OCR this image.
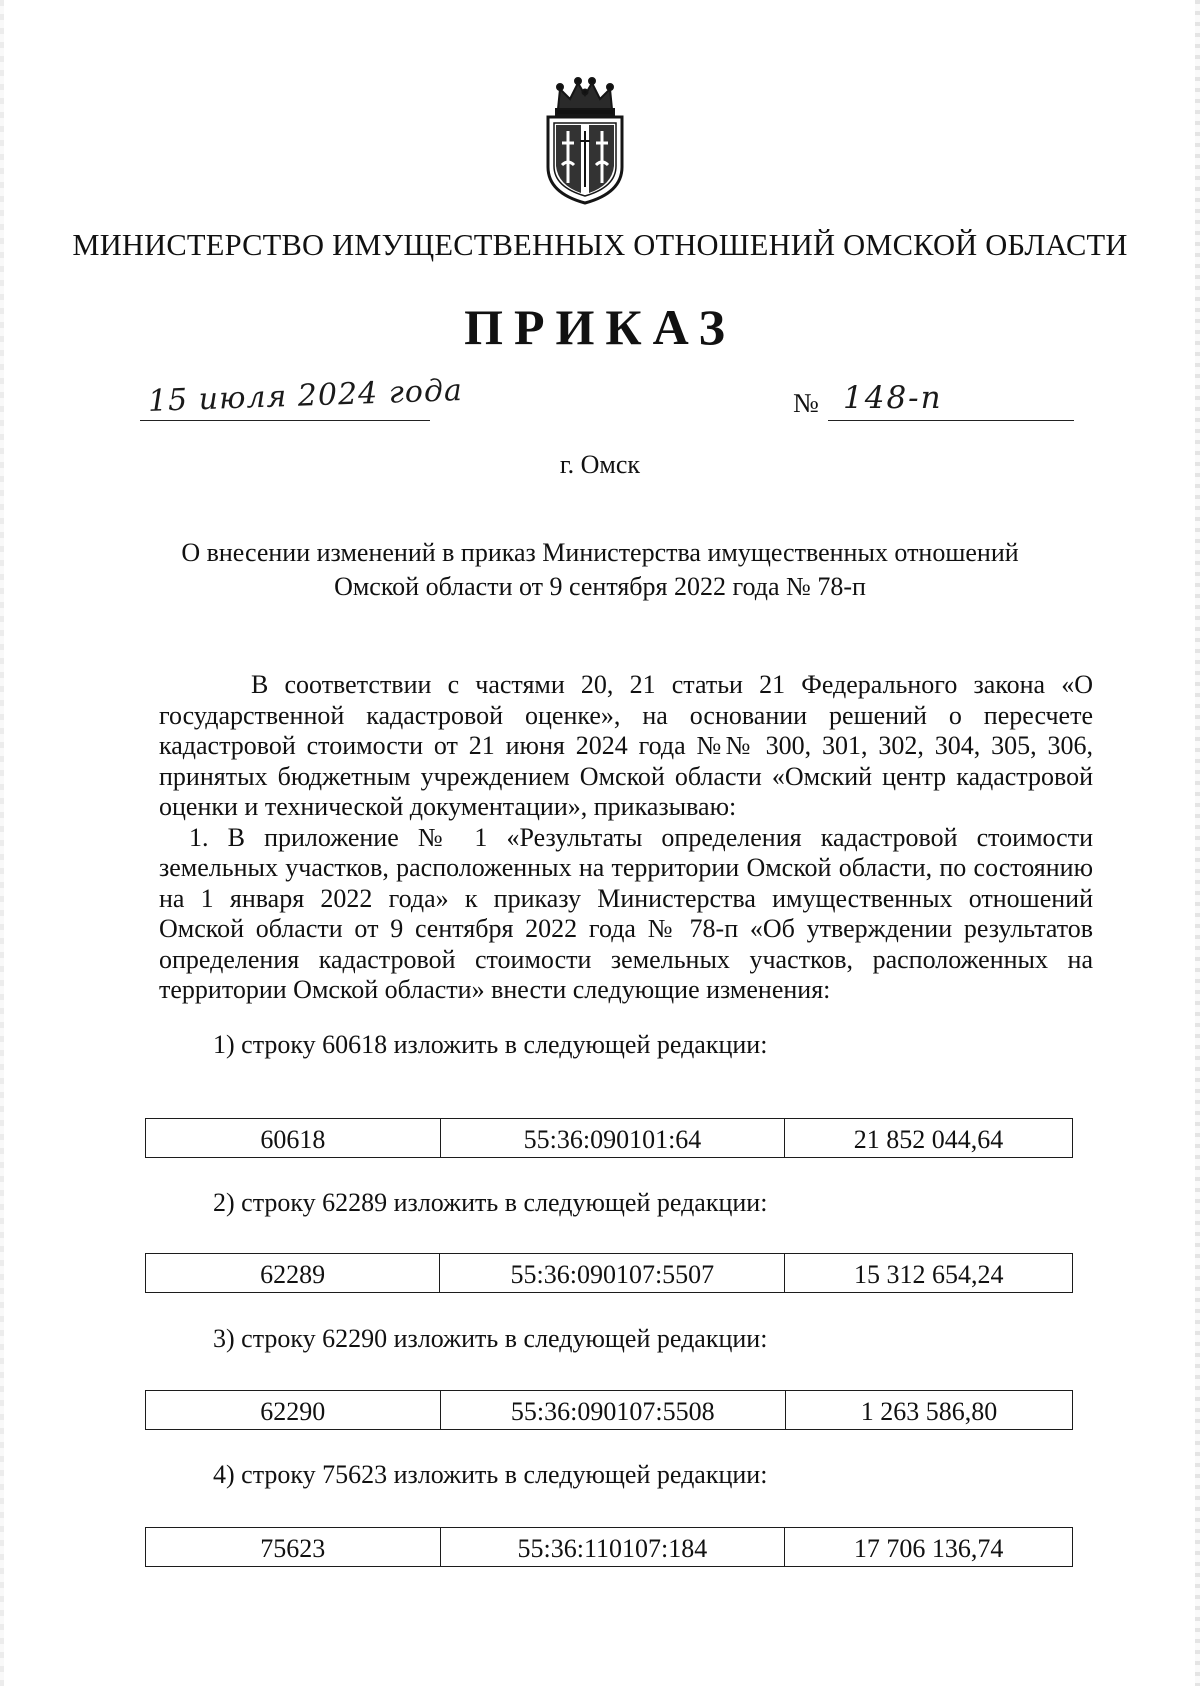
МИНИСТЕРСТВО ИМУЩЕСТВЕННЫХ ОТНОШЕНИЙ ОМСКОЙ ОБЛАСТИ
ПРИКАЗ
15 июля 2024 года	№ 148-п
г. Омск
О внесении изменений в приказ Министерства имущественных отношений
Омской области от 9 сентября 2022 года № 78-п

В соответствии с частями 20, 21 статьи 21 Федерального закона «О государственной кадастровой оценке», на основании решений о пересчете кадастровой стоимости от 21 июня 2024 года №№ 300, 301, 302, 304, 305, 306, принятых бюджетным учреждением Омской области «Омский центр кадастровой оценки и технической документации», приказываю:

1. В приложение № 1 «Результаты определения кадастровой стоимости земельных участков, расположенных на территории Омской области, по состоянию на 1 января 2022 года» к приказу Министерства имущественных отношений Омской области от 9 сентября 2022 года № 78-п «Об утверждении результатов определения кадастровой стоимости земельных участков, расположенных на территории Омской области» внести следующие изменения:

1) строку 60618 изложить в следующей редакции:
60618	55:36:090101:64	21 852 044,64
2) строку 62289 изложить в следующей редакции:
62289	55:36:090107:5507	15 312 654,24
3) строку 62290 изложить в следующей редакции:
62290	55:36:090107:5508	1 263 586,80
4) строку 75623 изложить в следующей редакции:
75623	55:36:110107:184	17 706 136,74
